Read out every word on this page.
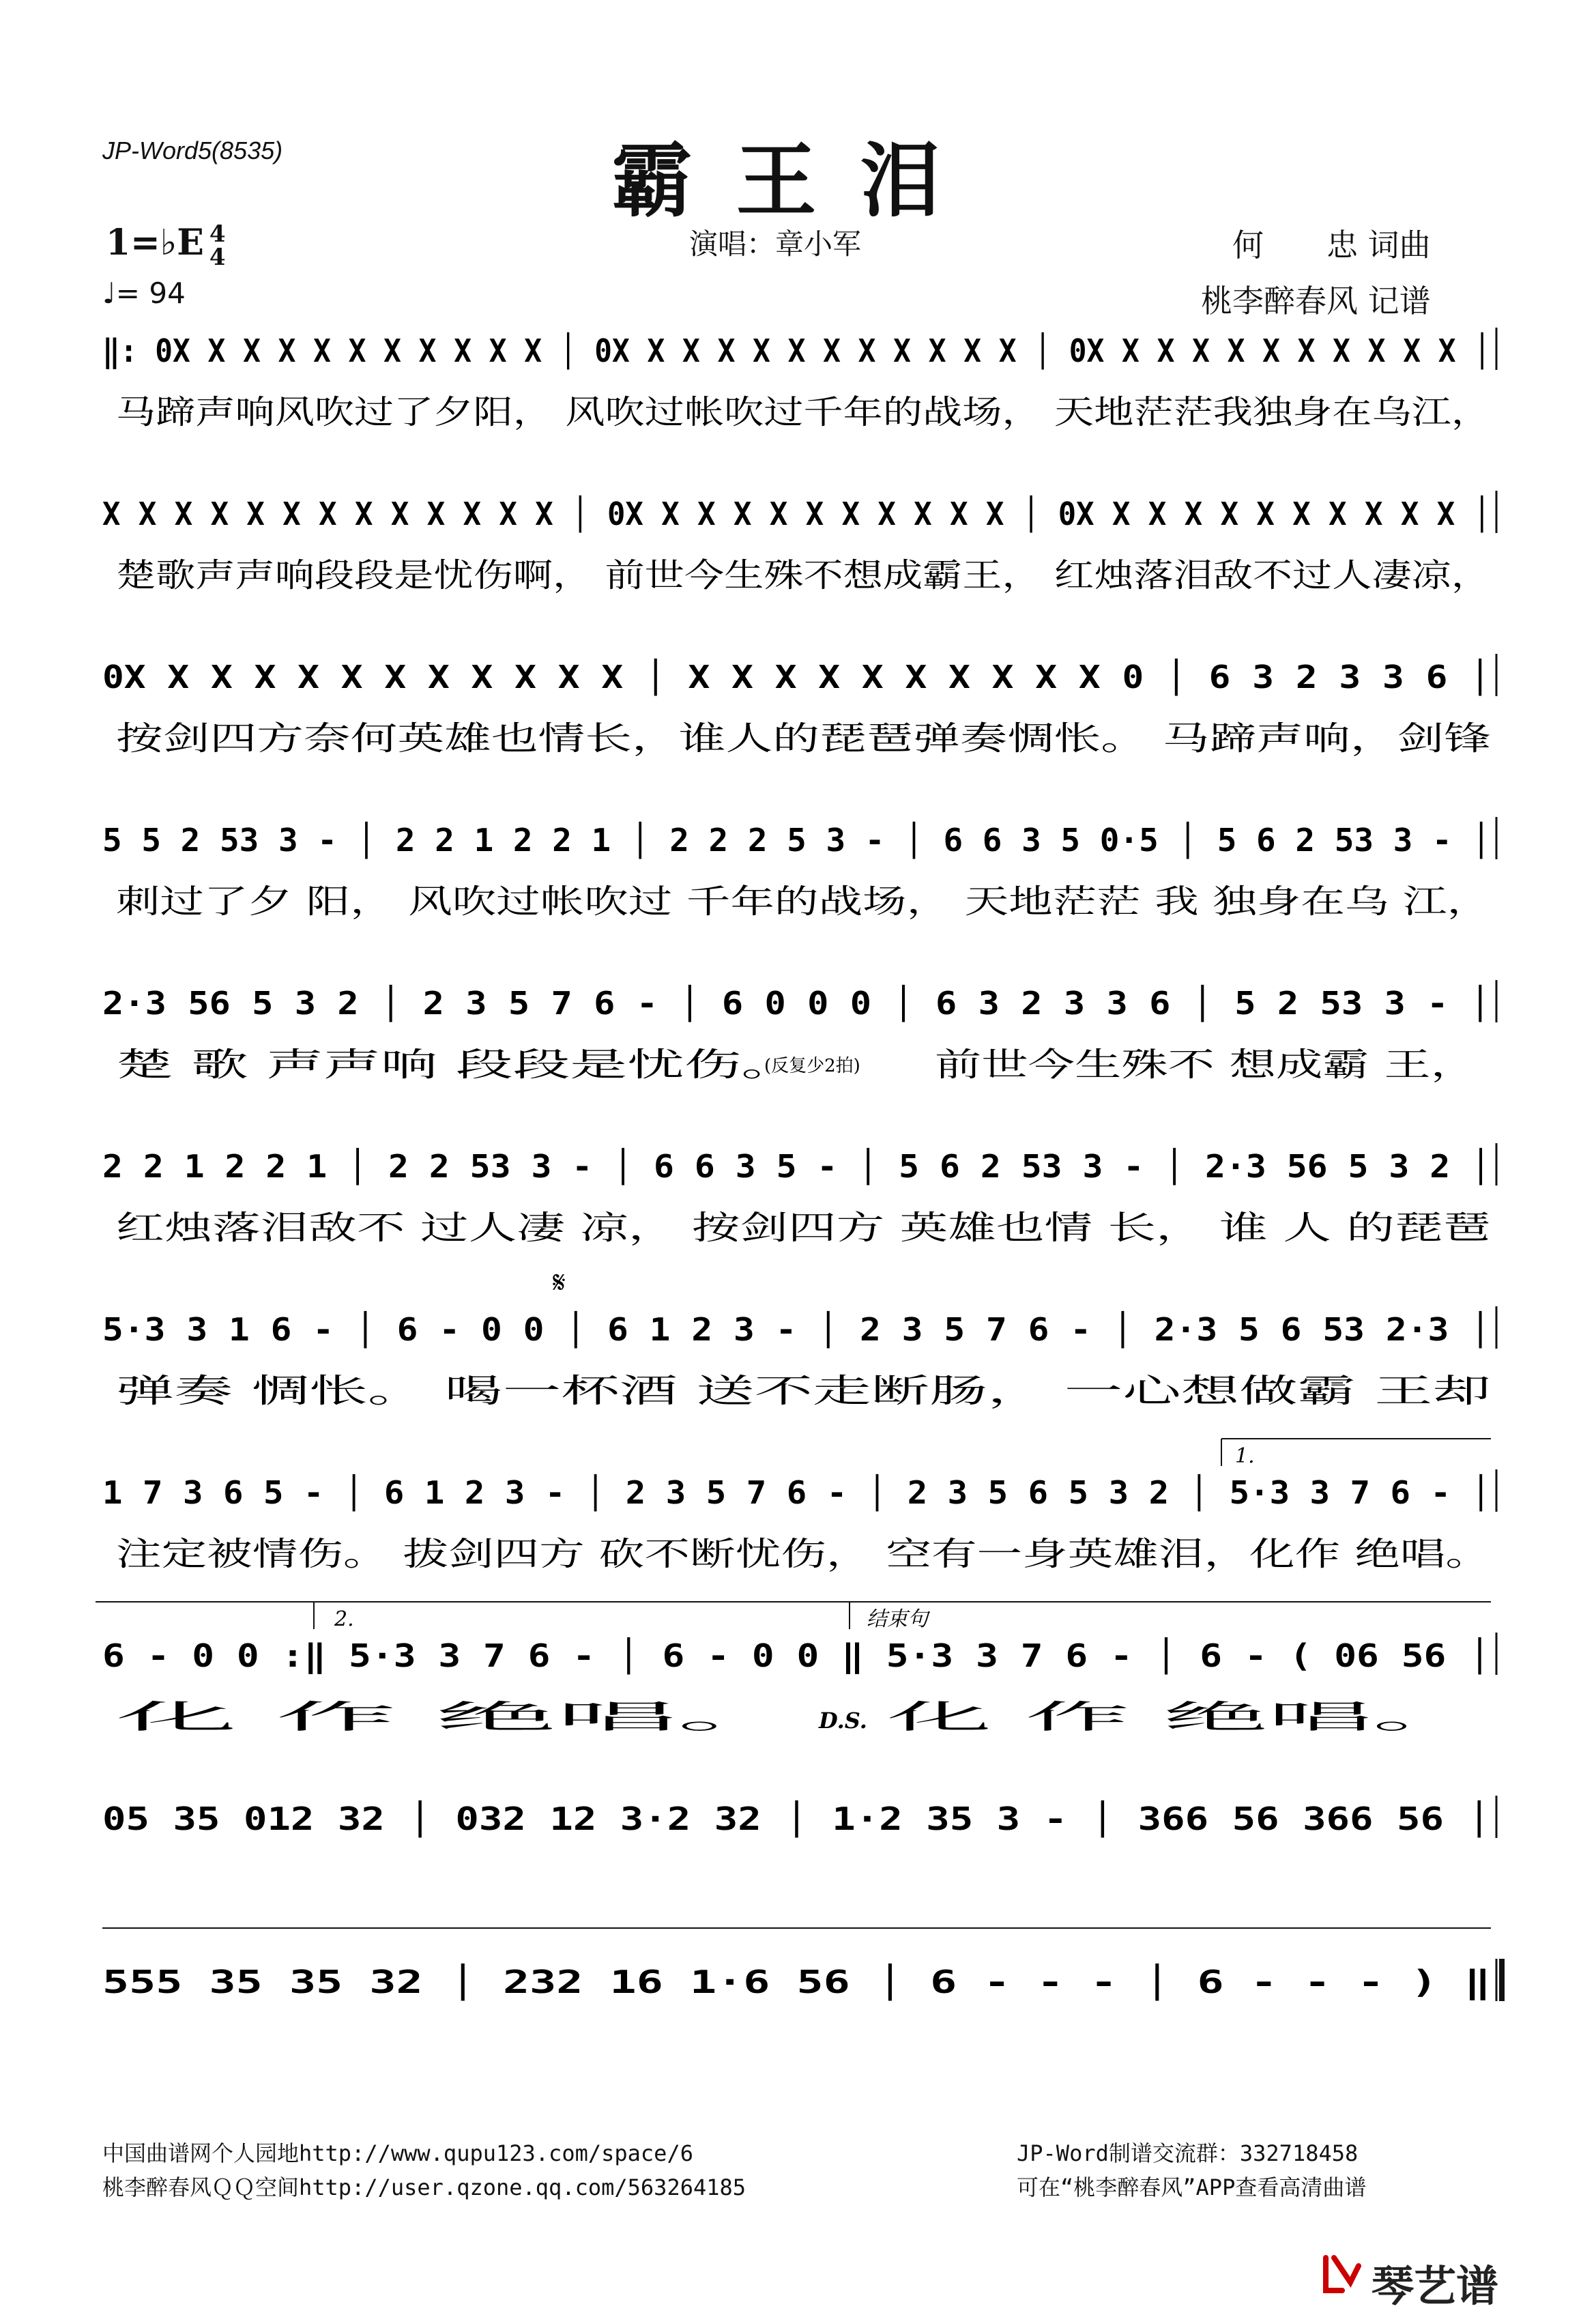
JP-Word5(8535)	霸王泪
1=♭E 4
4
♩= 94
演唱：章小军	何　　忠 词曲
桃李醉春风 记谱
‖: 0X X X X X X X X X X X │ 0X X X X X X X X X X X X │ 0X X X X X X X X X X X │
马蹄声响风吹过了夕阳， 风吹过帐吹过千年的战场， 天地茫茫我独身在乌江，
X X X X X X X X X X X X X │ 0X X X X X X X X X X X │ 0X X X X X X X X X X X │
楚歌声声响段段是忧伤啊， 前世今生殊不想成霸王， 红烛落泪敌不过人凄凉，
0X X X X X X X X X X X X │ X X X X X X X X X X 0 │ 6 3 2 3 3 6 │
按剑四方奈何英雄也情长，谁人的琵琶弹奏惆怅。 马蹄声响，剑锋
5 5 2 53 3 - │ 2 2 1 2 2 1 │ 2 2 2 5 3 - │ 6 6 3 5 0·5 │ 5 6 2 53 3 - │
刺过了夕 阳， 风吹过帐吹过 千年的战场， 天地茫茫 我 独身在乌 江，
2·3 56 5 3 2 │ 2 3 5 7 6 - │ 6 0 0 0 │ 6 3 2 3 3 6 │ 5 2 53 3 - │
楚 歌 声声响 段段是忧伤。
(反复少2拍) 前世今生殊不 想成霸 王，
2 2 1 2 2 1 │ 2 2 53 3 - │ 6 6 3 5 - │ 5 6 2 53 3 - │ 2·3 56 5 3 2 │
红烛落泪敌不 过人凄 凉， 按剑四方 英雄也情 长， 谁 人 的琵琶
5·3 3 1 6 - │ 6 - 0 0 │ 6 1 2 3 - │ 2 3 5 7 6 - │ 2·3 5 6 53 2·3 │
弹奏 惆怅。 喝一杯酒 送不走断肠， 一心想做霸 王却
𝄋
1 7 3 6 5 - │ 6 1 2 3 - │ 2 3 5 7 6 - │ 2 3 5 6 5 3 2 │ 5·3 3 7 6 - │
注定被情伤。 拔剑四方 砍不断忧伤， 空有一身英雄泪，化作 绝唱。
1.
6 - 0 0 :‖ 5·3 3 7 6 - │ 6 - 0 0 ‖ 5·3 3 7 6 - │ 6 - ( 06 56 │
化 作 绝唱。	化 作 绝唱。
D.S.
2.	结束句
05 35 012 32 │ 032 12 3·2 32 │ 1·2 35 3 - │ 366 56 366 56 │
555 35 35 32 │ 232 16 1·6 56 │ 6 - - - │ 6 - - - ) ‖
中国曲谱网个人园地http://www.qupu123.com/space/6
桃李醉春风ＱＱ空间http://user.qzone.qq.com/563264185
JP-Word制谱交流群：332718458
可在“桃李醉春风”APP查看高清曲谱
琴艺谱
